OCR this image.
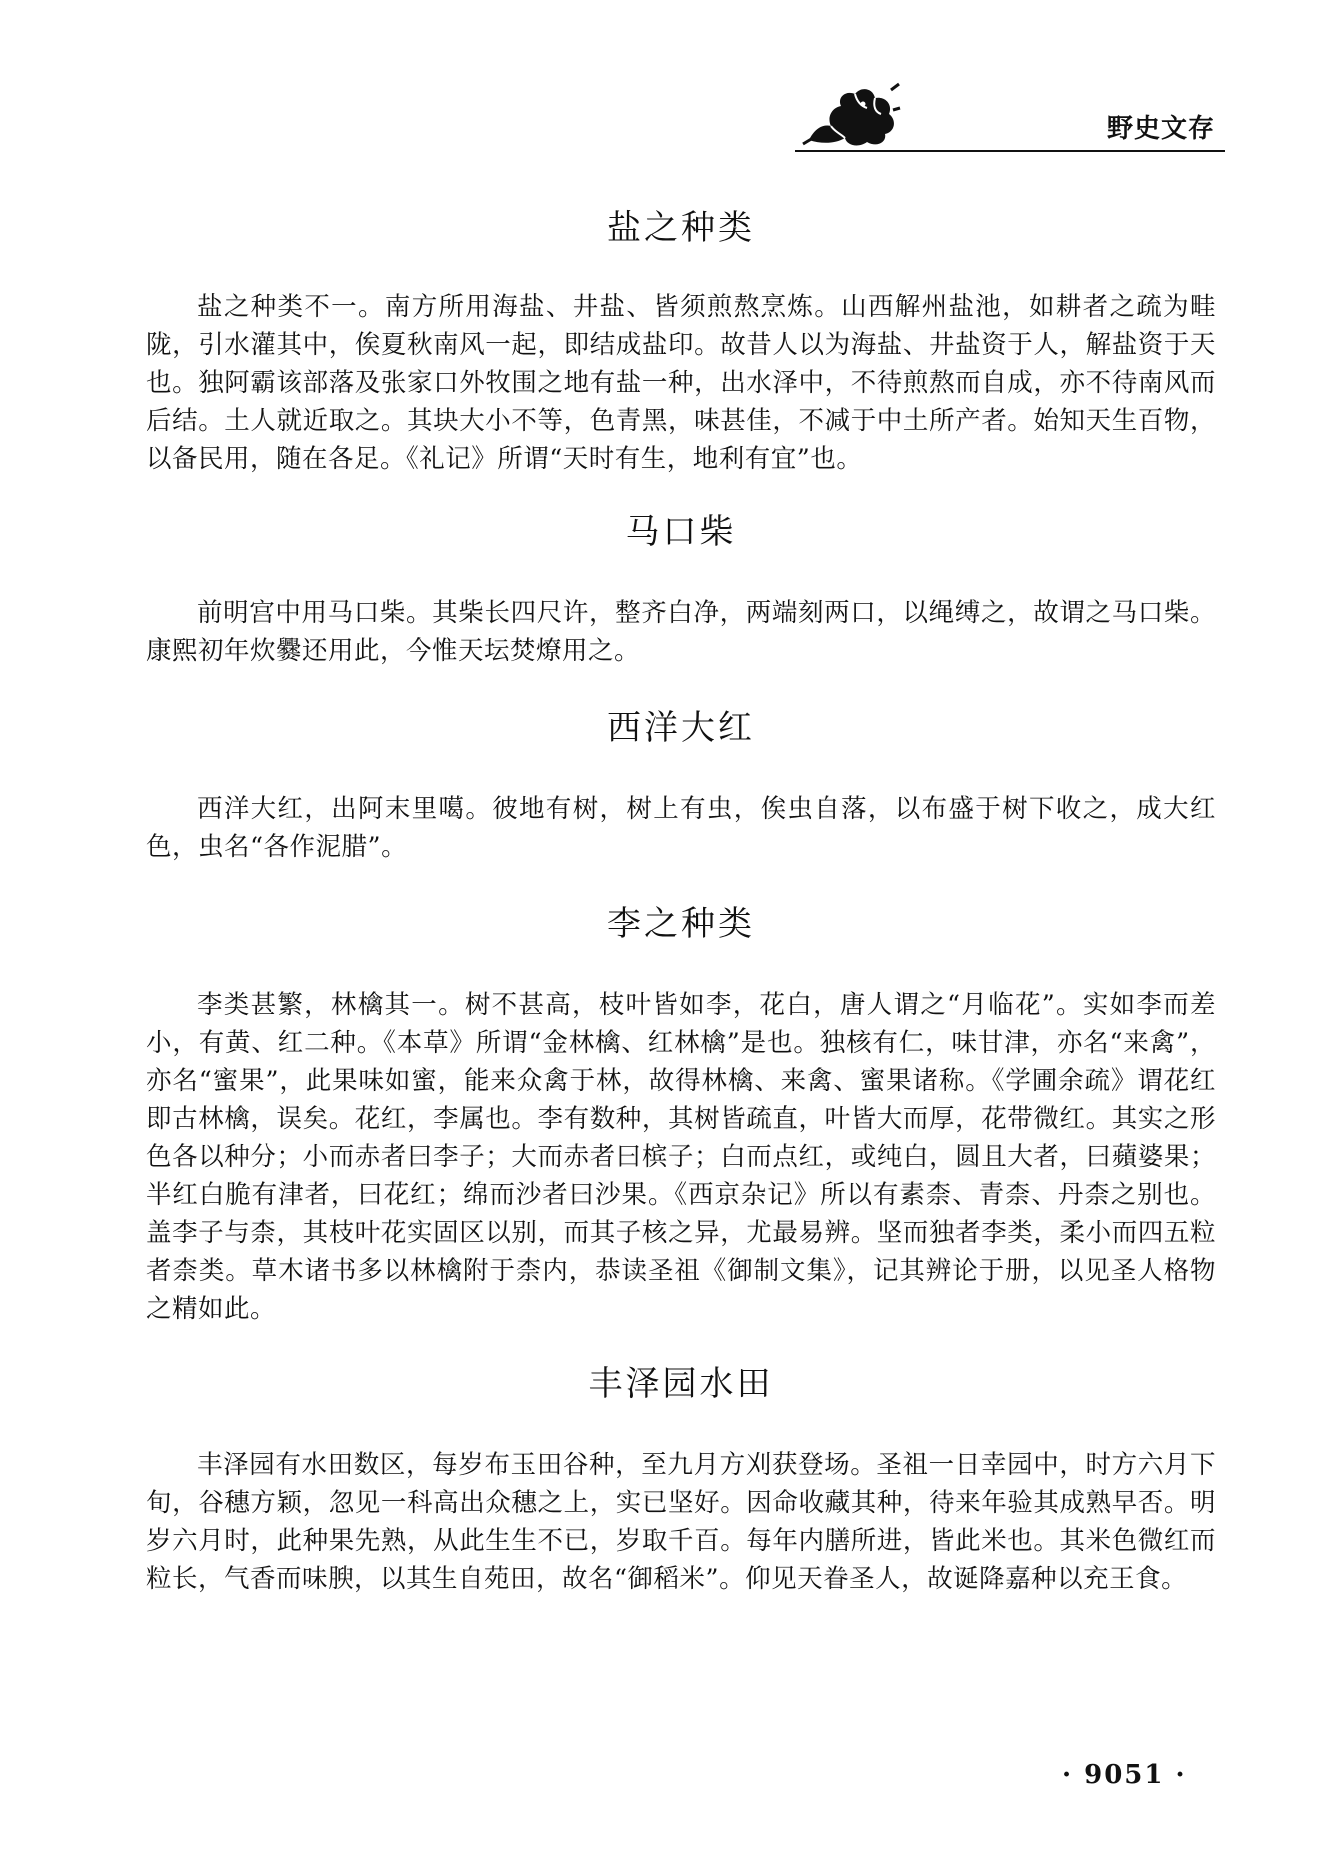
野史文存
盐之种类

盐之种类不一。南方所用海盐、井盐、皆须煎熬烹炼。山西解州盐池，如耕者之疏为畦陇，引水灌其中，俟夏秋南风一起，即结成盐印。故昔人以为海盐、井盐资于人，解盐资于天也。独阿霸该部落及张家口外牧围之地有盐一种，出水泽中，不待煎熬而自成，亦不待南风而后结。土人就近取之。其块大小不等，色青黑，味甚佳，不减于中土所产者。始知天生百物，以备民用，随在各足。《礼记》所谓“天时有生，地利有宜”也。

马口柴

前明宫中用马口柴。其柴长四尺许，整齐白净，两端刻两口，以绳缚之，故谓之马口柴。康熙初年炊爨还用此，今惟天坛焚燎用之。

西洋大红

西洋大红，出阿末里噶。彼地有树，树上有虫，俟虫自落，以布盛于树下收之，成大红色，虫名“各作泥腊”。

李之种类

李类甚繁，林檎其一。树不甚高，枝叶皆如李，花白，唐人谓之“月临花”。实如李而差小，有黄、红二种。《本草》所谓“金林檎、红林檎”是也。独核有仁，味甘津，亦名“来禽”，亦名“蜜果”，此果味如蜜，能来众禽于林，故得林檎、来禽、蜜果诸称。《学圃余疏》谓花红即古林檎，误矣。花红，李属也。李有数种，其树皆疏直，叶皆大而厚，花带微红。其实之形色各以种分；小而赤者曰李子；大而赤者曰槟子；白而点红，或纯白，圆且大者，曰蘋婆果；半红白脆有津者，曰花红；绵而沙者曰沙果。《西京杂记》所以有素柰、青柰、丹柰之别也。盖李子与柰，其枝叶花实固区以别，而其子核之异，尤最易辨。坚而独者李类，柔小而四五粒者柰类。草木诸书多以林檎附于柰内，恭读圣祖《御制文集》，记其辨论于册，以见圣人格物之精如此。

丰泽园水田

丰泽园有水田数区，每岁布玉田谷种，至九月方刈获登场。圣祖一日幸园中，时方六月下旬，谷穗方颖，忽见一科高出众穗之上，实已坚好。因命收藏其种，待来年验其成熟早否。明岁六月时，此种果先熟，从此生生不已，岁取千百。每年内膳所进，皆此米也。其米色微红而粒长，气香而味腴，以其生自苑田，故名“御稻米”。仰见天眷圣人，故诞降嘉种以充王食。

· 9051 ·
